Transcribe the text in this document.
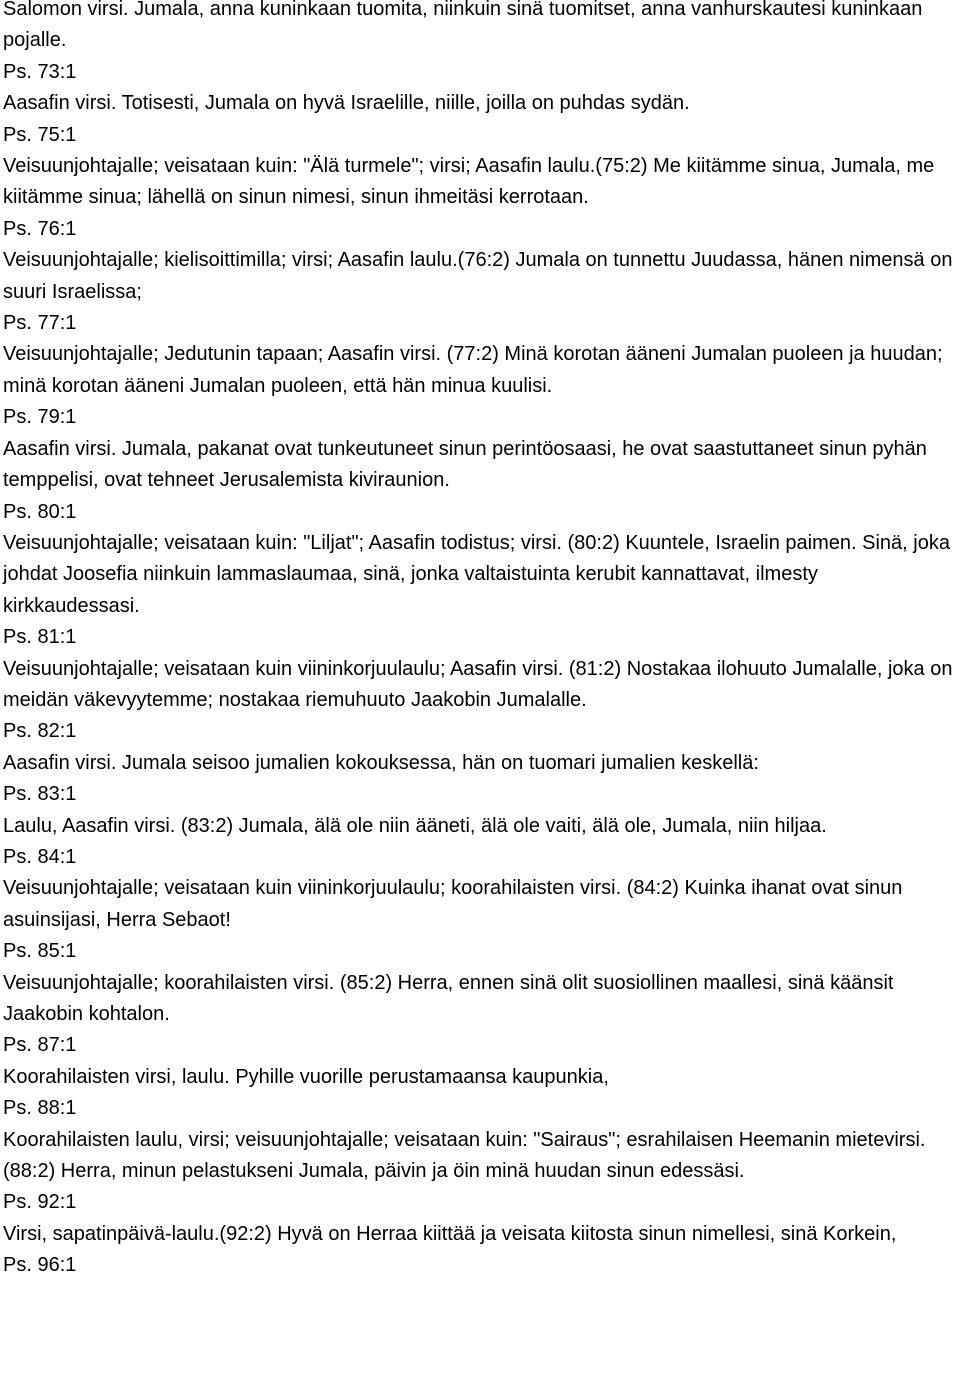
Salomon virsi. Jumala, anna kuninkaan tuomita, niinkuin sinä tuomitset, anna vanhurskautesi kuninkaan pojalle.
Ps. 73:1
Aasafin virsi. Totisesti, Jumala on hyvä Israelille, niille, joilla on puhdas sydän.
Ps. 75:1
Veisuunjohtajalle; veisataan kuin: "Älä turmele"; virsi; Aasafin laulu.(75:2) Me kiitämme sinua, Jumala, me kiitämme sinua; lähellä on sinun nimesi, sinun ihmeitäsi kerrotaan.
Ps. 76:1
Veisuunjohtajalle; kielisoittimilla; virsi; Aasafin laulu.(76:2) Jumala on tunnettu Juudassa, hänen nimensä on suuri Israelissa;
Ps. 77:1
Veisuunjohtajalle; Jedutunin tapaan; Aasafin virsi. (77:2) Minä korotan ääneni Jumalan puoleen ja huudan; minä korotan ääneni Jumalan puoleen, että hän minua kuulisi.
Ps. 79:1
Aasafin virsi. Jumala, pakanat ovat tunkeutuneet sinun perintöosaasi, he ovat saastuttaneet sinun pyhän temppelisi, ovat tehneet Jerusalemista kiviraunion.
Ps. 80:1
Veisuunjohtajalle; veisataan kuin: "Liljat"; Aasafin todistus; virsi. (80:2) Kuuntele, Israelin paimen. Sinä, joka johdat Joosefia niinkuin lammaslaumaa, sinä, jonka valtaistuinta kerubit kannattavat, ilmesty kirkkaudessasi.
Ps. 81:1
Veisuunjohtajalle; veisataan kuin viininkorjuulaulu; Aasafin virsi. (81:2) Nostakaa ilohuuto Jumalalle, joka on meidän väkevyytemme; nostakaa riemuhuuto Jaakobin Jumalalle.
Ps. 82:1
Aasafin virsi. Jumala seisoo jumalien kokouksessa, hän on tuomari jumalien keskellä:
Ps. 83:1
Laulu, Aasafin virsi. (83:2) Jumala, älä ole niin ääneti, älä ole vaiti, älä ole, Jumala, niin hiljaa.
Ps. 84:1
Veisuunjohtajalle; veisataan kuin viininkorjuulaulu; koorahilaisten virsi. (84:2) Kuinka ihanat ovat sinun asuinsijasi, Herra Sebaot!
Ps. 85:1
Veisuunjohtajalle; koorahilaisten virsi. (85:2) Herra, ennen sinä olit suosiollinen maallesi, sinä käänsit Jaakobin kohtalon.
Ps. 87:1
Koorahilaisten virsi, laulu. Pyhille vuorille perustamaansa kaupunkia,
Ps. 88:1
Koorahilaisten laulu, virsi; veisuunjohtajalle; veisataan kuin: "Sairaus"; esrahilaisen Heemanin mietevirsi.(88:2) Herra, minun pelastukseni Jumala, päivin ja öin minä huudan sinun edessäsi.
Ps. 92:1
Virsi, sapatinpäivä-laulu.(92:2) Hyvä on Herraa kiittää ja veisata kiitosta sinun nimellesi, sinä Korkein,
Ps. 96:1
